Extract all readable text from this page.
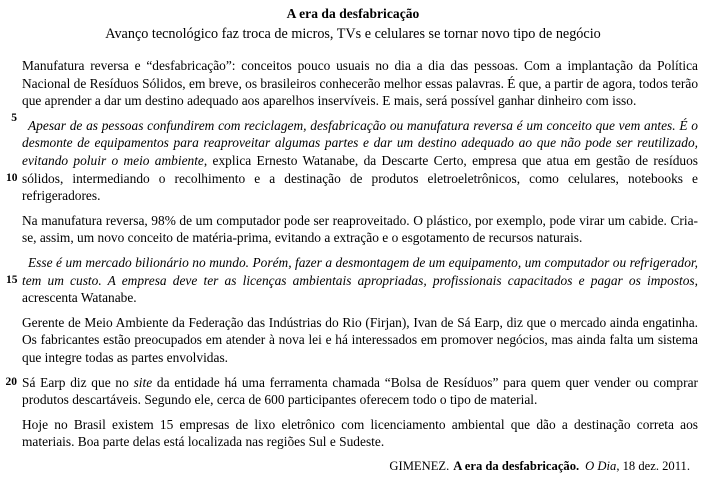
A era da desfabricação

Avanço tecnológico faz troca de micros, TVs e celulares se tornar novo tipo de negócio

5
Manufatura reversa e “desfabricação”: conceitos pouco usuais no dia a dia das pessoas. Com a implantação da Política Nacional de Resíduos Sólidos, em breve, os brasileiros conhecerão melhor essas palavras. É que, a partir de agora, todos terão que aprender a dar um destino adequado aos aparelhos inservíveis. E mais, será possível ganhar dinheiro com isso.

10
Apesar de as pessoas confundirem com reciclagem, desfabricação ou manufatura reversa é um conceito que vem antes. É o desmonte de equipamentos para reaproveitar algumas partes e dar um destino adequado ao que não pode ser reutilizado, evitando poluir o meio ambiente, explica Ernesto Watanabe, da Descarte Certo, empresa que atua em gestão de resíduos sólidos, intermediando o recolhimento e a destinação de produtos eletroeletrônicos, como celulares, notebooks e refrigeradores.

Na manufatura reversa, 98% de um computador pode ser reaproveitado. O plástico, por exemplo, pode virar um cabide. Cria-se, assim, um novo conceito de matéria-prima, evitando a extração e o esgotamento de recursos naturais.

15
Esse é um mercado bilionário no mundo. Porém, fazer a desmontagem de um equipamento, um computador ou refrigerador, tem um custo. A empresa deve ter as licenças ambientais apropriadas, profissionais capacitados e pagar os impostos, acrescenta Watanabe.

Gerente de Meio Ambiente da Federação das Indústrias do Rio (Firjan), Ivan de Sá Earp, diz que o mercado ainda engatinha. Os fabricantes estão preocupados em atender à nova lei e há interessados em promover negócios, mas ainda falta um sistema que integre todas as partes envolvidas.

20 Sá Earp diz que no site da entidade há uma ferramenta chamada “Bolsa de Resíduos” para quem quer vender ou comprar produtos descartáveis. Segundo ele, cerca de 600 participantes oferecem todo o tipo de material.

Hoje no Brasil existem 15 empresas de lixo eletrônico com licenciamento ambiental que dão a destinação correta aos materiais. Boa parte delas está localizada nas regiões Sul e Sudeste.

GIMENEZ. A era da desfabricação. O Dia, 18 dez. 2011.
